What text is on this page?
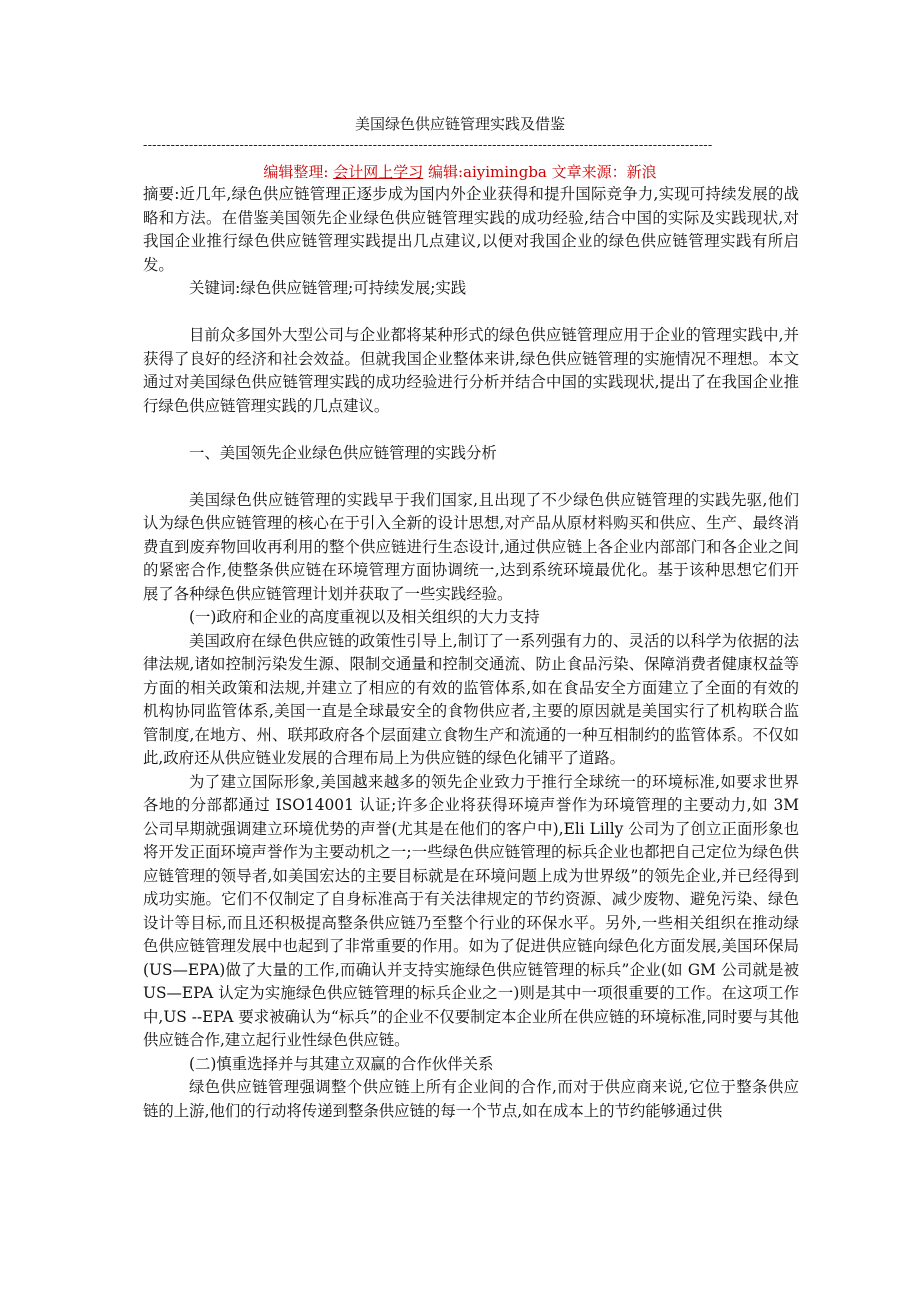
美国绿色供应链管理实践及借鉴
----------------------------------------------------------------------------------------------------------------------------
编辑整理: 会计网上学习 编辑:aiyimingba 文章来源：新浪

摘要:近几年,绿色供应链管理正逐步成为国内外企业获得和提升国际竞争力,实现可持续发展的战略和方法。在借鉴美国领先企业绿色供应链管理实践的成功经验,结合中国的实际及实践现状,对我国企业推行绿色供应链管理实践提出几点建议,以便对我国企业的绿色供应链管理实践有所启发。

关键词:绿色供应链管理;可持续发展;实践

目前众多国外大型公司与企业都将某种形式的绿色供应链管理应用于企业的管理实践中,并获得了良好的经济和社会效益。但就我国企业整体来讲,绿色供应链管理的实施情况不理想。本文通过对美国绿色供应链管理实践的成功经验进行分析并结合中国的实践现状,提出了在我国企业推行绿色供应链管理实践的几点建议。

一、美国领先企业绿色供应链管理的实践分析

美国绿色供应链管理的实践早于我们国家,且出现了不少绿色供应链管理的实践先驱,他们认为绿色供应链管理的核心在于引入全新的设计思想,对产品从原材料购买和供应、生产、最终消费直到废弃物回收再利用的整个供应链进行生态设计,通过供应链上各企业内部部门和各企业之间的紧密合作,使整条供应链在环境管理方面协调统一,达到系统环境最优化。基于该种思想它们开展了各种绿色供应链管理计划并获取了一些实践经验。

(一)政府和企业的高度重视以及相关组织的大力支持

美国政府在绿色供应链的政策性引导上,制订了一系列强有力的、灵活的以科学为依据的法律法规,诸如控制污染发生源、限制交通量和控制交通流、防止食品污染、保障消费者健康权益等方面的相关政策和法规,并建立了相应的有效的监管体系,如在食品安全方面建立了全面的有效的机构协同监管体系,美国一直是全球最安全的食物供应者,主要的原因就是美国实行了机构联合监管制度,在地方、州、联邦政府各个层面建立食物生产和流通的一种互相制约的监管体系。不仅如此,政府还从供应链业发展的合理布局上为供应链的绿色化铺平了道路。

为了建立国际形象,美国越来越多的领先企业致力于推行全球统一的环境标准,如要求世界各地的分部都通过 ISO14001 认证;许多企业将获得环境声誉作为环境管理的主要动力,如 3M 公司早期就强调建立环境优势的声誉(尤其是在他们的客户中),Eli Lilly 公司为了创立正面形象也将开发正面环境声誉作为主要动机之一;一些绿色供应链管理的标兵企业也都把自己定位为绿色供应链管理的领导者,如美国宏达的主要目标就是在环境问题上成为世界级”的领先企业,并已经得到成功实施。它们不仅制定了自身标准高于有关法律规定的节约资源、减少废物、避免污染、绿色设计等目标,而且还积极提高整条供应链乃至整个行业的环保水平。另外,一些相关组织在推动绿色供应链管理发展中也起到了非常重要的作用。如为了促进供应链向绿色化方面发展,美国环保局(US—EPA)做了大量的工作,而确认并支持实施绿色供应链管理的标兵”企业(如 GM 公司就是被 US—EPA 认定为实施绿色供应链管理的标兵企业之一)则是其中一项很重要的工作。在这项工作中,US --EPA 要求被确认为“标兵”的企业不仅要制定本企业所在供应链的环境标准,同时要与其他供应链合作,建立起行业性绿色供应链。

(二)慎重选择并与其建立双赢的合作伙伴关系

绿色供应链管理强调整个供应链上所有企业间的合作,而对于供应商来说,它位于整条供应链的上游,他们的行动将传递到整条供应链的每一个节点,如在成本上的节约能够通过供
